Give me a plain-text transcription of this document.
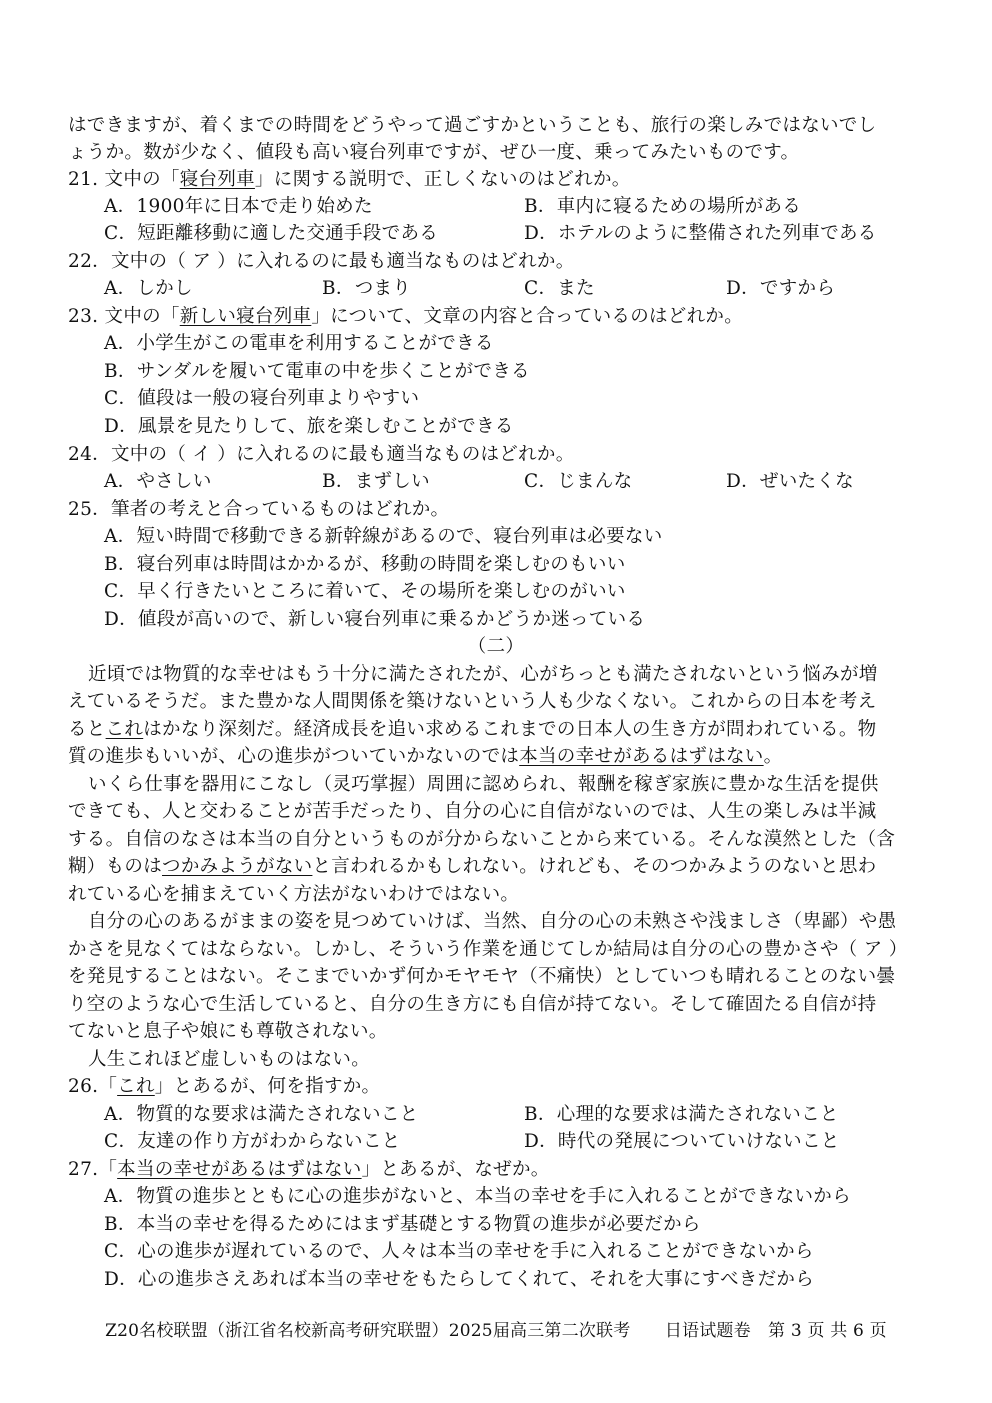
はできますが、着くまでの時間をどうやって過ごすかということも、旅行の楽しみではないでし
ょうか。数が少なく、値段も高い寝台列車ですが、ぜひ一度、乗ってみたいものです。
21. 文中の「寝台列車」に関する説明で、正しくないのはどれか。
A．1900年に日本で走り始めた	B．車内に寝るための場所がある
C．短距離移動に適した交通手段である	D．ホテルのように整備された列車である
22．文中の（ ア ）に入れるのに最も適当なものはどれか。
A．しかし	B．つまり	C．また	D．ですから
23. 文中の「新しい寝台列車」について、文章の内容と合っているのはどれか。
A．小学生がこの電車を利用することができる
B．サンダルを履いて電車の中を歩くことができる
C．値段は一般の寝台列車よりやすい
D．風景を見たりして、旅を楽しむことができる
24．文中の（ イ ）に入れるのに最も適当なものはどれか。
A．やさしい	B．まずしい	C．じまんな	D．ぜいたくな
25．筆者の考えと合っているものはどれか。
A．短い時間で移動できる新幹線があるので、寝台列車は必要ない
B．寝台列車は時間はかかるが、移動の時間を楽しむのもいい
C．早く行きたいところに着いて、その場所を楽しむのがいい
D．値段が高いので、新しい寝台列車に乗るかどうか迷っている
（二）
近頃では物質的な幸せはもう十分に満たされたが、心がちっとも満たされないという悩みが増
えているそうだ。また豊かな人間関係を築けないという人も少なくない。これからの日本を考え
るとこれはかなり深刻だ。経済成長を追い求めるこれまでの日本人の生き方が問われている。物
質の進歩もいいが、心の進歩がついていかないのでは本当の幸せがあるはずはない。
いくら仕事を器用にこなし（灵巧掌握）周囲に認められ、報酬を稼ぎ家族に豊かな生活を提供
できても、人と交わることが苦手だったり、自分の心に自信がないのでは、人生の楽しみは半減
する。自信のなさは本当の自分というものが分からないことから来ている。そんな漠然とした（含
糊）ものはつかみようがないと言われるかもしれない。けれども、そのつかみようのないと思わ
れている心を捕まえていく方法がないわけではない。
自分の心のあるがままの姿を見つめていけば、当然、自分の心の未熟さや浅ましさ（卑鄙）や愚
かさを見なくてはならない。しかし、そういう作業を通じてしか結局は自分の心の豊かさや（ ア ）
を発見することはない。そこまでいかず何かモヤモヤ（不痛快）としていつも晴れることのない曇
り空のような心で生活していると、自分の生き方にも自信が持てない。そして確固たる自信が持
てないと息子や娘にも尊敬されない。
人生これほど虚しいものはない。
26.「これ」とあるが、何を指すか。
A．物質的な要求は満たされないこと	B．心理的な要求は満たされないこと
C．友達の作り方がわからないこと	D．時代の発展についていけないこと
27.「本当の幸せがあるはずはない」とあるが、なぜか。
A．物質の進歩とともに心の進歩がないと、本当の幸せを手に入れることができないから
B．本当の幸せを得るためにはまず基礎とする物質の進歩が必要だから
C．心の進歩が遅れているので、人々は本当の幸せを手に入れることができないから
D．心の進歩さえあれば本当の幸せをもたらしてくれて、それを大事にすべきだから
Z20名校联盟（浙江省名校新高考研究联盟）2025届高三第二次联考　　日语试题卷　第 3 页 共 6 页
